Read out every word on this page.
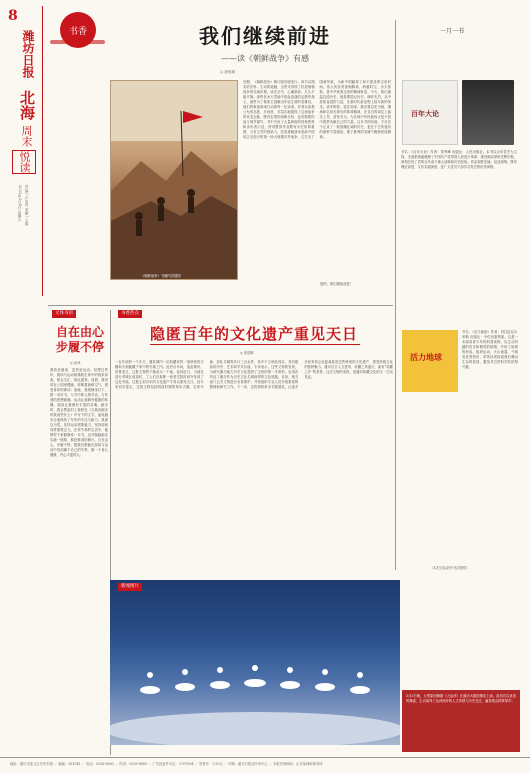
8
潍坊日报
北海
周末
悦读
2023年3月4日 星期六 责编 / 卢宗青 美编 / 王瑞
书香	我们继续前进
——读《朝鲜战争》有感
◎ 徐明雄
《朝鲜战争》书籍内页插图
近期，《朝鲜战争》修订版出版发行。该书以翔实的史料、生动的笔触，全景式再现了抗美援朝战争的壮阔历程。读完全书，心潮澎湃，久久不能平静。那些在冰天雪地中浴血奋战的志愿军战士，那些为了保家卫国献出年轻生命的英雄们，他们的事迹深深打动着每一位读者。作者以客观公允的态度，多角度、多层次地展现了这场战争的来龙去脉，既有宏观的战略分析，也有微观的战斗细节描写。书中引用了大量珍贵的档案资料和亲历者口述，使得整部作品既有历史的厚重感，又有文学的感染力。抗美援朝战争是新中国成立后进行的第一场大规模对外战争，它打出了国威军威，为新中国赢得了和平建设的宝贵时间。伟大的抗美援朝精神，跨越时空、历久弥新，是中华民族宝贵的精神财富。今天，我们重温这段历史，就是要铭记历史、缅怀先烈，从中汲取奋进的力量，在新时代新征程上续写新的荣光。读史明智，鉴往知来。我们要以史为镜，继承和弘扬先辈们的革命精神，在各自的岗位上踏实工作、奋发有为，为实现中华民族伟大复兴的中国梦贡献自己的力量。这本书的价值，不仅在于记录了一段波澜壮阔的历史，更在于它传递出的那种不畏强敌、敢于胜利的英雄气概和民族精神。
是的，我们继续前进！
一月一书
百年大论
书名：《百年大论》作者：郑秀峰 出版社：人民出版社。本书以百年党史为主线，全面系统地梳理了中国共产党带领人民进行革命、建设和改革的光辉历程，深刻总结了党的百年奋斗重大成就和历史经验。作品视野宏阔、论述深刻，既有理论高度，又有实践深度，是广大党员干部学习党史的优秀读物。
活力地球
书名：《活力地球》作者：[英]迈克尔·米勒 出版社：中信出版集团。这是一本面向青少年的科普读物，以生动有趣的语言和精美的插图，介绍了地球的形成、板块运动、火山地震、气候变化等知识，带领读者探索我们赖以生存的星球，激发对自然科学的浓厚兴趣。
（本栏目由新华书店提供）
文体书语
自在由心
步履不停
◎ 孙凤
我热爱阅读，更热爱运动。回想这些年，阅读与运动就像我生命中的两条河流，相互交汇，彼此滋养。清晨，我常常在公园里慢跑，呼吸着新鲜空气，感受身体的律动；夜晚，我则静坐灯下，捧一本好书，与书中的人物对话，与作者的思想碰撞。运动让我拥有健康的体魄，阅读让我拥有丰盈的灵魂。跑步时，我会想起村上春树在《当我谈跑步时我谈些什么》中写下的文字，他说跑步让他保持了写作的专注与耐力。我深以为然。坚持运动需要毅力，坚持阅读同样需要定力。在快节奏的生活中，能够停下来静静读一本书，迈开腿踏踏实实跑一段路，都是难得的修行。自在由心，步履不停。愿我们都能在阅读与运动中找到属于自己的节奏，做一个身心健康、内心丰盈的人。
书香热点
隐匿百年的文化遗产重见天日
◎ 张德彬
一百年前的一个冬天，潍县城内一位收藏家将一批珍贵的古籍和字画秘藏于家中的夹墙之内。此后百年间，战乱频仍，世事变迁，这批文物的下落成为一个谜。直到近日，当地在进行老城区改造时，工人们在拆除一座老宅院时意外发现了这处夹墙，这批尘封百年的文化遗产才得以重见天日。经专家初步鉴定，这批文物包括明清时期的刻本古籍、名家书画、信札手稿等共计三百余件，其中不乏珍品孤本，具有极高的历史、艺术和学术价值。专家表示，这些文物的发现，为研究潍坊地方历史文化提供了宝贵的第一手资料，也再次印证了潍坊作为历史文化名城深厚的文化底蕴。目前，相关部门已对文物进行妥善保护，并将组织专业人员开展系统的整理和研究工作。下一步，还将择机举办专题展览，让更多市民有机会近距离欣赏这些珍贵的文化遗产，感受传统文化的独特魅力。潍坊自古人文荟萃，收藏之风盛行，素有“收藏之乡”的美誉。这次文物的发现，是潍坊收藏文化的又一生动见证。
新闻图片
3月3日晚，大型原创舞剧《大运河》在潍坊大剧院精彩上演。演员们以优美的舞姿，生动演绎了运河两岸的人文风情与历史变迁，赢得观众阵阵掌声。
地址：潍坊市奎文区东风东街 ／ 邮编：261041 ／ 电话：0536-8883 ／ 传真：0536-8883 ／ 广告经营许可证：3707004 ／ 零售价：1.50元 ／ 印刷：潍坊日报社印务中心 ／ 本报法律顾问：山东某律师事务所
